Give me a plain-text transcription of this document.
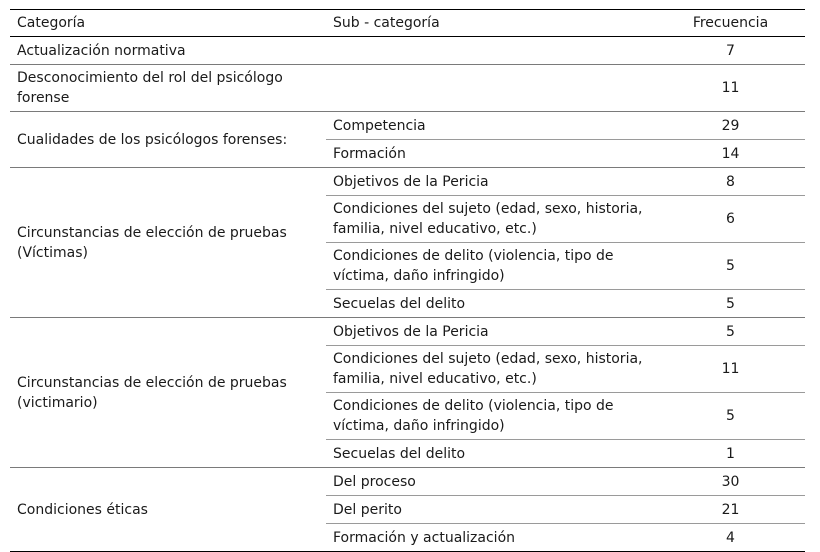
Categoría	Sub - categoría	Frecuencia
Actualización normativa		7
Desconocimiento del rol del psicólogo forense		11
Cualidades de los psicólogos forenses:	Competencia	29
	Formación	14
Circunstancias de elección de pruebas (Víctimas)	Objetivos de la Pericia	8
	Condiciones del sujeto (edad, sexo, historia, familia, nivel educativo, etc.)	6
	Condiciones de delito (violencia, tipo de víctima, daño infringido)	5
	Secuelas del delito	5
Circunstancias de elección de pruebas (victimario)	Objetivos de la Pericia	5
	Condiciones del sujeto (edad, sexo, historia, familia, nivel educativo, etc.)	11
	Condiciones de delito (violencia, tipo de víctima, daño infringido)	5
	Secuelas del delito	1
Condiciones éticas	Del proceso	30
	Del perito	21
	Formación y actualización	4
